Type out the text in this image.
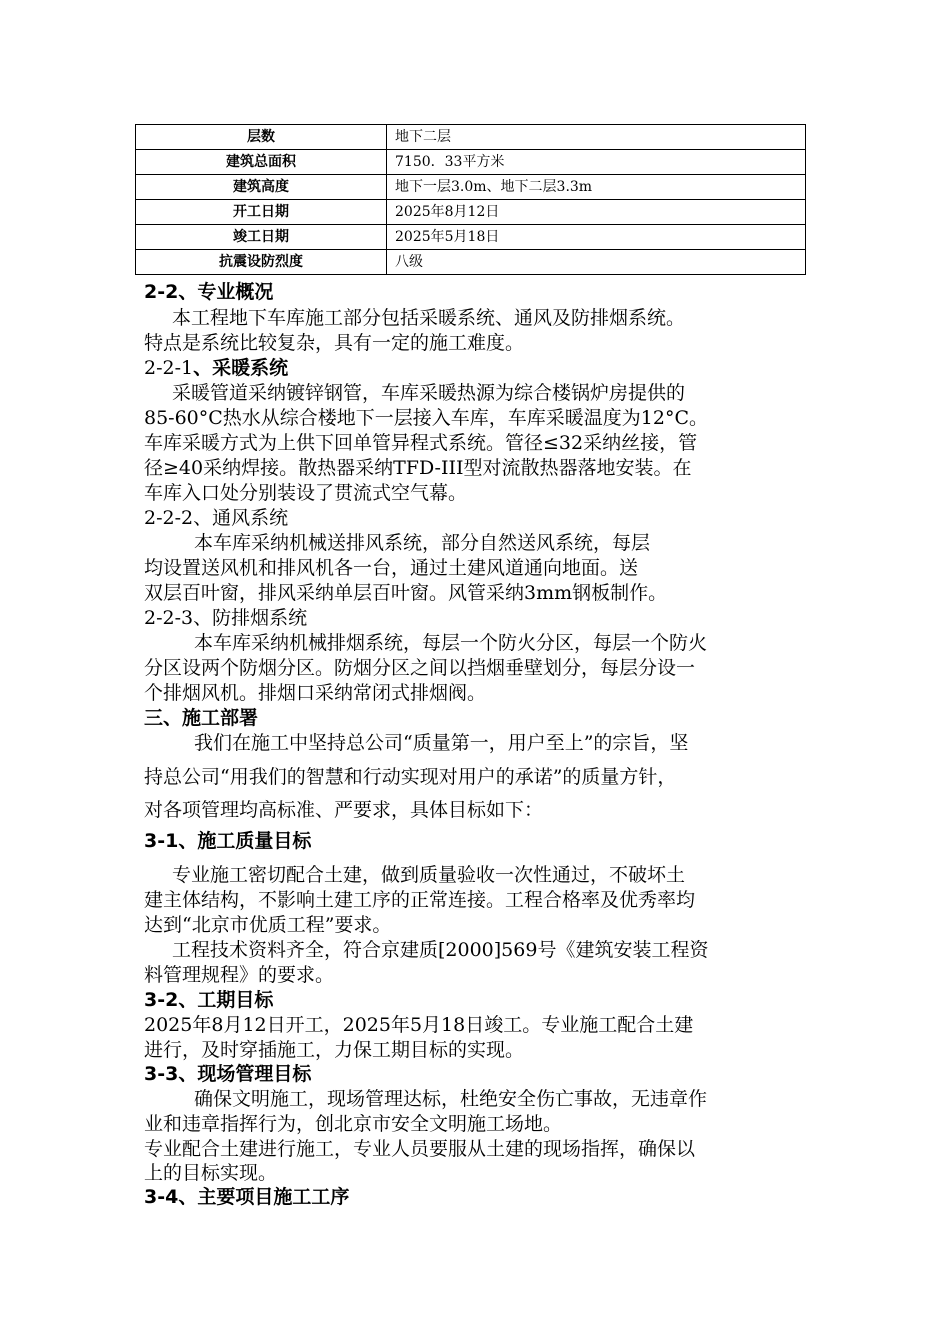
层数	地下二层
建筑总面积	7150．33平方米
建筑高度	地下一层3.0m、地下二层3.3m
开工日期	2025年8月12日
竣工日期	2025年5月18日
抗震设防烈度	八级
2-2、专业概况
本工程地下车库施工部分包括采暖系统、通风及防排烟系统。
特点是系统比较复杂，具有一定的施工难度。
2-2-1、采暖系统
采暖管道采纳镀锌钢管，车库采暖热源为综合楼锅炉房提供的
85-60°C热水从综合楼地下一层接入车库，车库采暖温度为12°C。
车库采暖方式为上供下回单管异程式系统。管径≤32采纳丝接，管
径≥40采纳焊接。散热器采纳TFD-III型对流散热器落地安装。在
车库入口处分别装设了贯流式空气幕。
2-2-2、通风系统
本车库采纳机械送排风系统，部分自然送风系统，每层
均设置送风机和排风机各一台，通过土建风道通向地面。送
双层百叶窗，排风采纳单层百叶窗。风管采纳3mm钢板制作。
2-2-3、防排烟系统
本车库采纳机械排烟系统，每层一个防火分区，每层一个防火
分区设两个防烟分区。防烟分区之间以挡烟垂壁划分，每层分设一
个排烟风机。排烟口采纳常闭式排烟阀。
三、施工部署
我们在施工中坚持总公司“质量第一，用户至上”的宗旨，坚
持总公司“用我们的智慧和行动实现对用户的承诺”的质量方针，
对各项管理均高标准、严要求，具体目标如下：
3-1、施工质量目标
专业施工密切配合土建，做到质量验收一次性通过，不破坏土
建主体结构，不影响土建工序的正常连接。工程合格率及优秀率均
达到“北京市优质工程”要求。
工程技术资料齐全，符合京建质[2000]569号《建筑安装工程资
料管理规程》的要求。
3-2、工期目标
2025年8月12日开工，2025年5月18日竣工。专业施工配合土建
进行，及时穿插施工，力保工期目标的实现。
3-3、现场管理目标
确保文明施工，现场管理达标，杜绝安全伤亡事故，无违章作
业和违章指挥行为，创北京市安全文明施工场地。
专业配合土建进行施工，专业人员要服从土建的现场指挥，确保以
上的目标实现。
3-4、主要项目施工工序
